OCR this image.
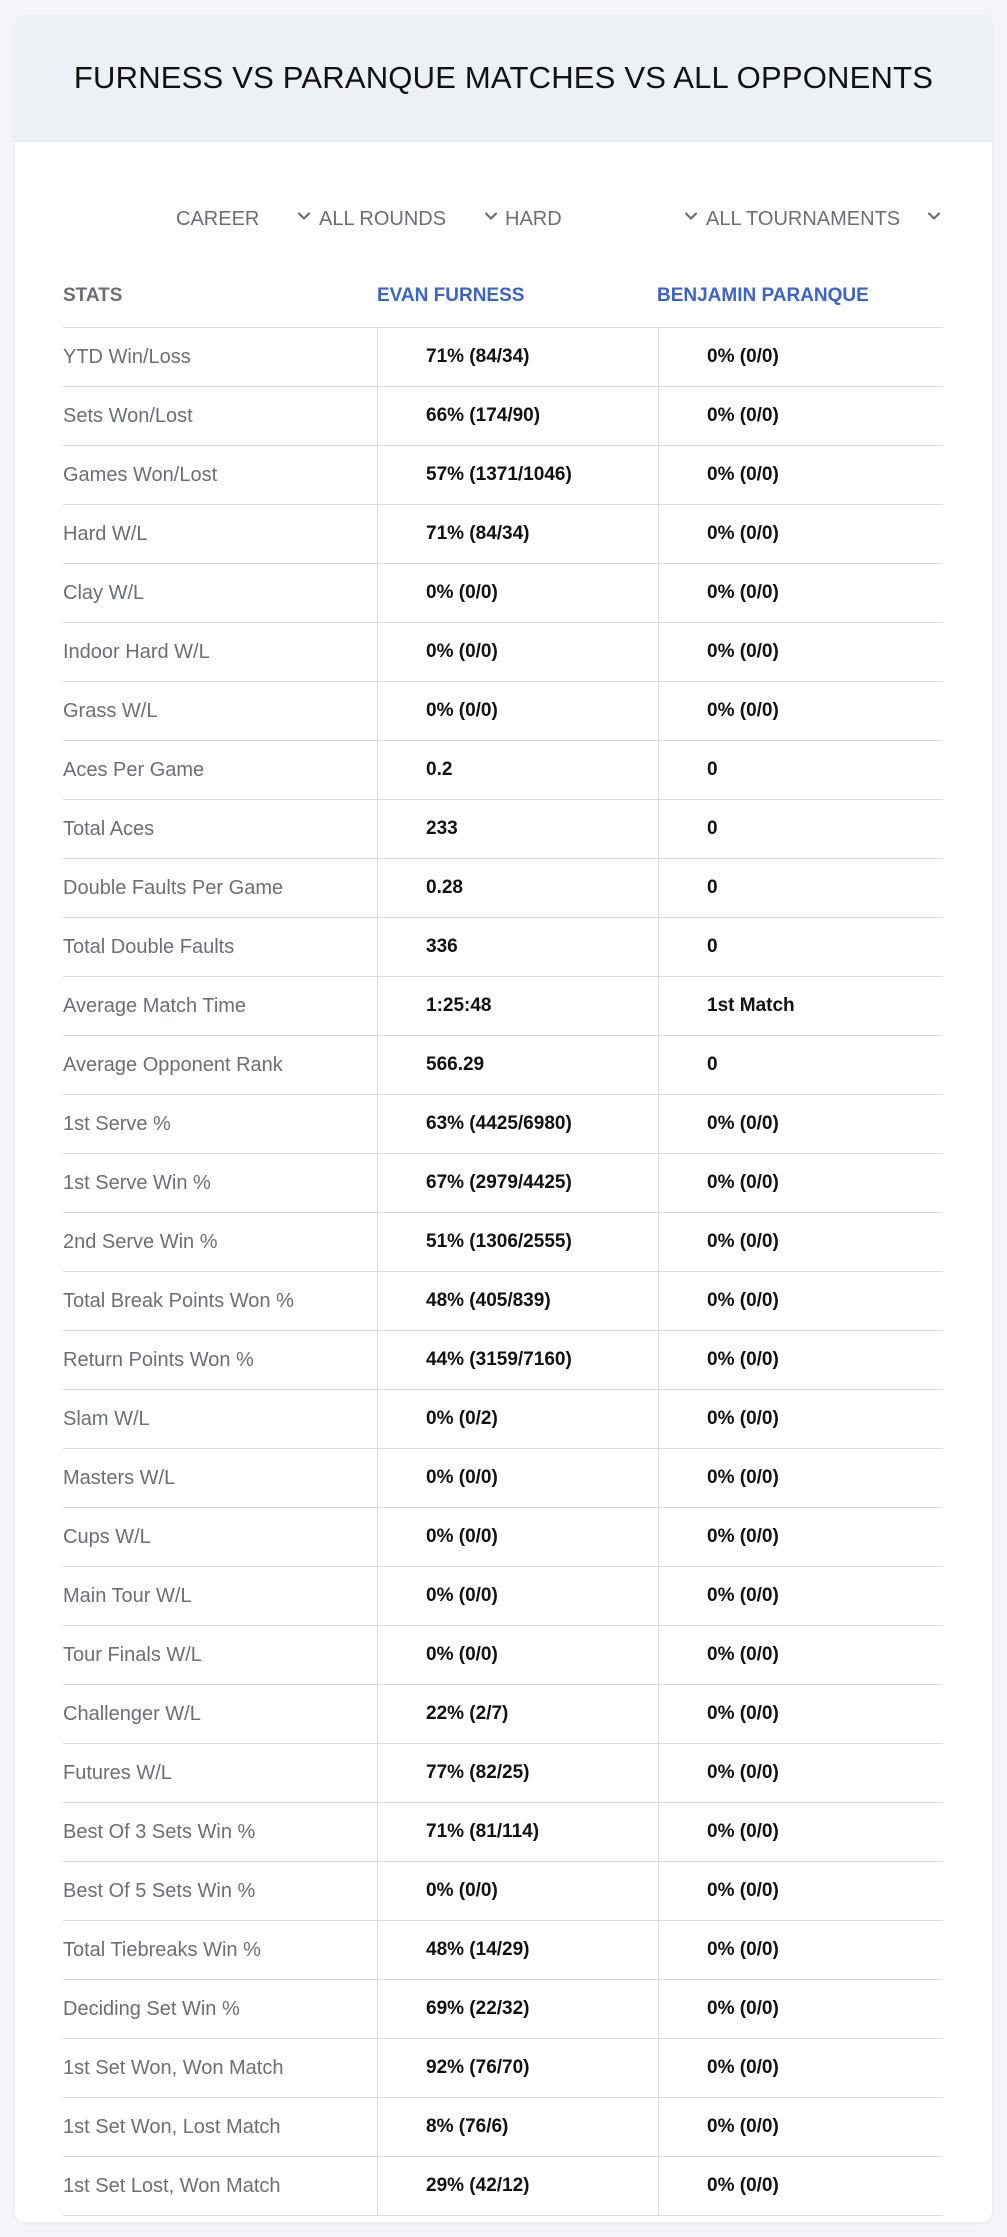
FURNESS VS PARANQUE MATCHES VS ALL OPPONENTS
CAREER	ALL ROUNDS	HARD	ALL TOURNAMENTS
STATS	EVAN FURNESS	BENJAMIN PARANQUE
YTD Win/Loss	71% (84/34)	0% (0/0)
Sets Won/Lost	66% (174/90)	0% (0/0)
Games Won/Lost	57% (1371/1046)	0% (0/0)
Hard W/L	71% (84/34)	0% (0/0)
Clay W/L	0% (0/0)	0% (0/0)
Indoor Hard W/L	0% (0/0)	0% (0/0)
Grass W/L	0% (0/0)	0% (0/0)
Aces Per Game	0.2	0
Total Aces	233	0
Double Faults Per Game	0.28	0
Total Double Faults	336	0
Average Match Time	1:25:48	1st Match
Average Opponent Rank	566.29	0
1st Serve %	63% (4425/6980)	0% (0/0)
1st Serve Win %	67% (2979/4425)	0% (0/0)
2nd Serve Win %	51% (1306/2555)	0% (0/0)
Total Break Points Won %	48% (405/839)	0% (0/0)
Return Points Won %	44% (3159/7160)	0% (0/0)
Slam W/L	0% (0/2)	0% (0/0)
Masters W/L	0% (0/0)	0% (0/0)
Cups W/L	0% (0/0)	0% (0/0)
Main Tour W/L	0% (0/0)	0% (0/0)
Tour Finals W/L	0% (0/0)	0% (0/0)
Challenger W/L	22% (2/7)	0% (0/0)
Futures W/L	77% (82/25)	0% (0/0)
Best Of 3 Sets Win %	71% (81/114)	0% (0/0)
Best Of 5 Sets Win %	0% (0/0)	0% (0/0)
Total Tiebreaks Win %	48% (14/29)	0% (0/0)
Deciding Set Win %	69% (22/32)	0% (0/0)
1st Set Won, Won Match	92% (76/70)	0% (0/0)
1st Set Won, Lost Match	8% (76/6)	0% (0/0)
1st Set Lost, Won Match	29% (42/12)	0% (0/0)
